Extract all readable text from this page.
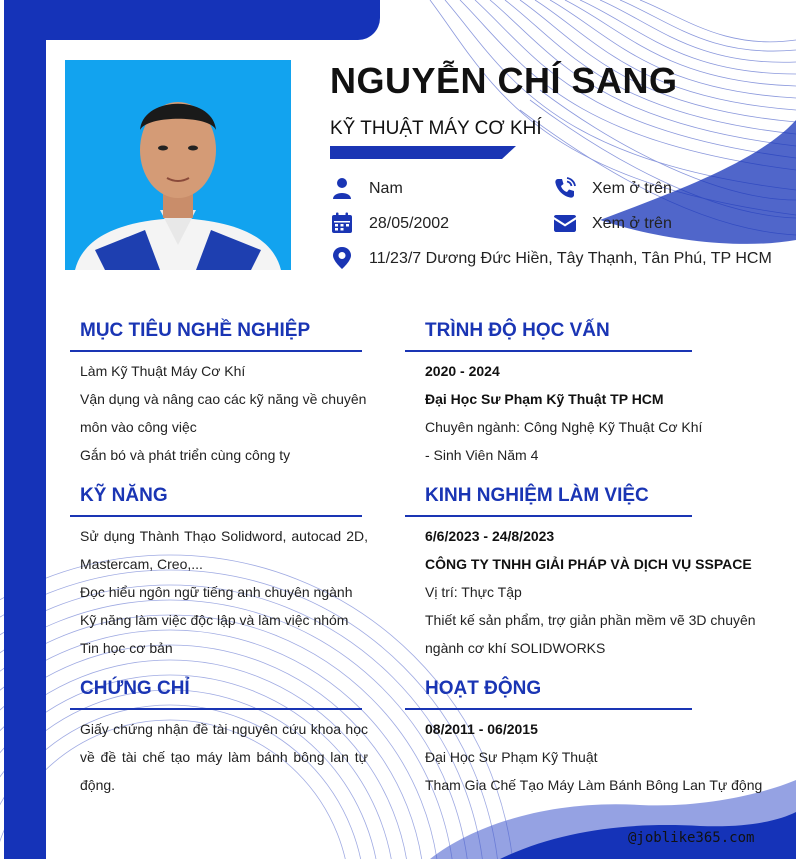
NGUYỄN CHÍ SANG
KỸ THUẬT MÁY CƠ KHÍ
Nam	Xem ở trên
28/05/2002	Xem ở trên
11/23/7 Dương Đức Hiền, Tây Thạnh, Tân Phú, TP HCM
MỤC TIÊU NGHỀ NGHIỆP
Làm Kỹ Thuật Máy Cơ Khí
Vận dụng và nâng cao các kỹ năng về chuyên môn vào công việc
Gắn bó và phát triển cùng công ty
KỸ NĂNG
Sử dụng Thành Thạo Solidword, autocad 2D, Mastercam, Creo,...
Đọc hiểu ngôn ngữ tiếng anh chuyên ngành
Kỹ năng làm việc độc lập và làm việc nhóm
Tin học cơ bản
CHỨNG CHỈ
Giấy chứng nhận đề tài nguyên cứu khoa học về đề tài chế tạo máy làm bánh bông lan tự động.
TRÌNH ĐỘ HỌC VẤN
2020 - 2024
Đại Học Sư Phạm Kỹ Thuật TP HCM
Chuyên ngành: Công Nghệ Kỹ Thuật Cơ Khí
- Sinh Viên Năm 4
KINH NGHIỆM LÀM VIỆC
6/6/2023 - 24/8/2023
CÔNG TY TNHH GIẢI PHÁP VÀ DỊCH VỤ SSPACE
Vị trí: Thực Tập
Thiết kế sản phẩm, trợ giản phần mềm vẽ 3D chuyên ngành cơ khí SOLIDWORKS
HOẠT ĐỘNG
08/2011 - 06/2015
Đại Học Sư Phạm Kỹ Thuật
Tham Gia Chế Tạo Máy Làm Bánh Bông Lan Tự động
@joblike365.com
